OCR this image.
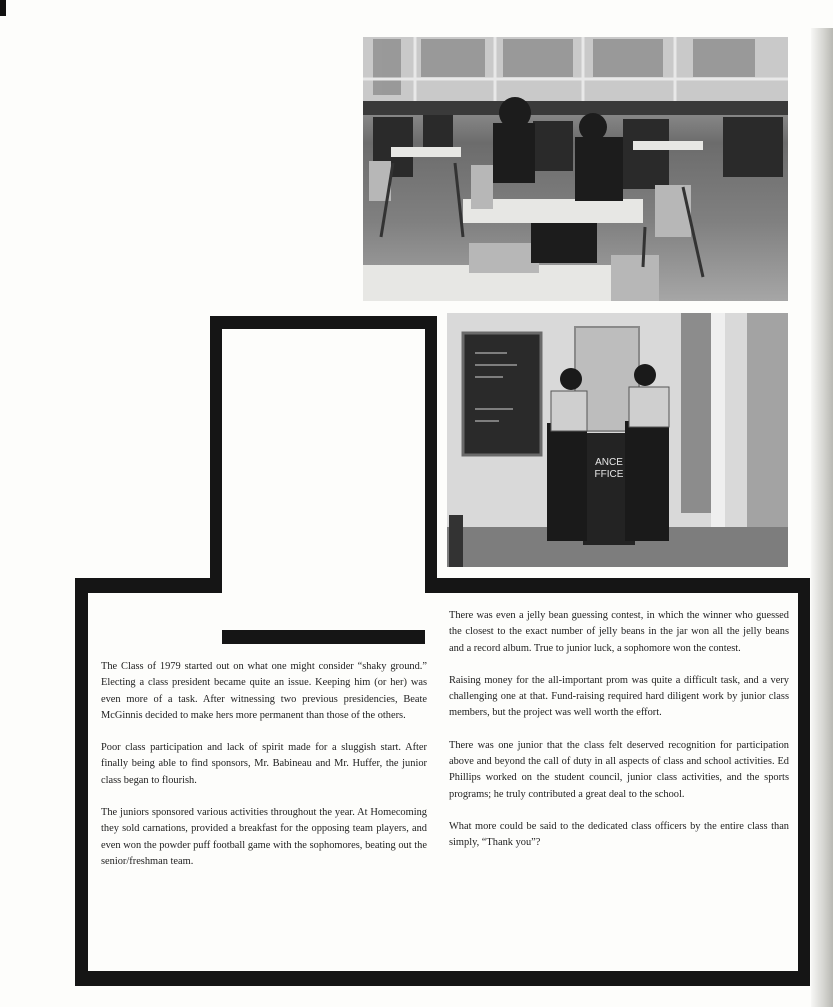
ANCE
FFICE

The Class of 1979 started out on what one might consider “shaky ground.” Electing a class president became quite an issue. Keeping him (or her) was even more of a task. After witnessing two previous presidencies, Beate McGinnis decided to make hers more permanent than those of the others.

Poor class participation and lack of spirit made for a sluggish start. After finally being able to find sponsors, Mr. Babineau and Mr. Huffer, the junior class began to flourish.

The juniors sponsored various activities throughout the year. At Homecoming they sold carnations, provided a breakfast for the opposing team players, and even won the powder puff football game with the sophomores, beating out the senior/freshman team.

There was even a jelly bean guessing contest, in which the winner who guessed the closest to the exact number of jelly beans in the jar won all the jelly beans and a record album. True to junior luck, a sophomore won the contest.

Raising money for the all-important prom was quite a difficult task, and a very challenging one at that. Fund-raising required hard diligent work by junior class members, but the project was well worth the effort.

There was one junior that the class felt deserved recognition for participation above and beyond the call of duty in all aspects of class and school activities. Ed Phillips worked on the student council, junior class activities, and the sports programs; he truly contributed a great deal to the school.

What more could be said to the dedicated class officers by the entire class than simply, “Thank you”?
